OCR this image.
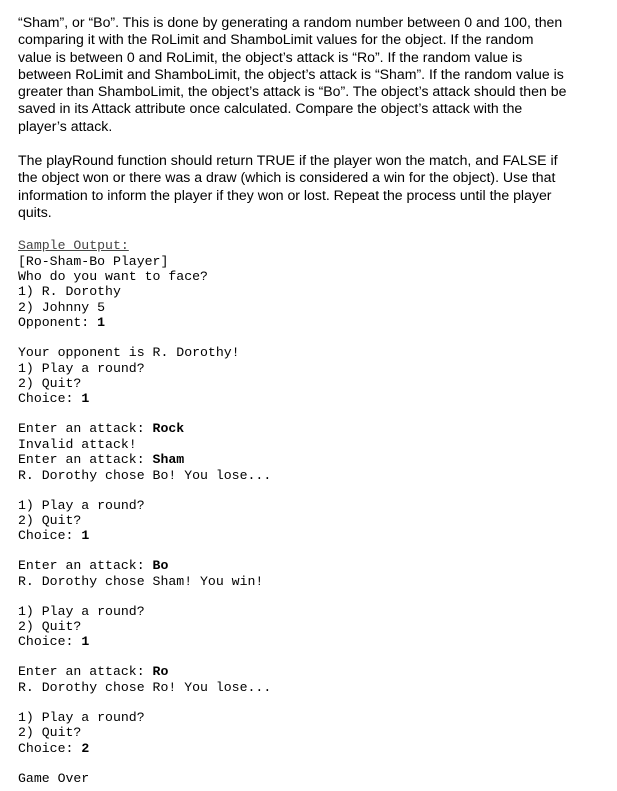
“Sham”, or “Bo”. This is done by generating a random number between 0 and 100, then
comparing it with the RoLimit and ShamboLimit values for the object. If the random
value is between 0 and RoLimit, the object’s attack is “Ro”. If the random value is
between RoLimit and ShamboLimit, the object’s attack is “Sham”. If the random value is
greater than ShamboLimit, the object’s attack is “Bo”. The object’s attack should then be
saved in its Attack attribute once calculated. Compare the object’s attack with the
player’s attack.

The playRound function should return TRUE if the player won the match, and FALSE if
the object won or there was a draw (which is considered a win for the object). Use that
information to inform the player if they won or lost. Repeat the process until the player
quits.

Sample Output:
[Ro-Sham-Bo Player]
Who do you want to face?
1) R. Dorothy
2) Johnny 5
Opponent: 1
Your opponent is R. Dorothy!
1) Play a round?
2) Quit?
Choice: 1
Enter an attack: Rock
Invalid attack!
Enter an attack: Sham
R. Dorothy chose Bo! You lose...
1) Play a round?
2) Quit?
Choice: 1
Enter an attack: Bo
R. Dorothy chose Sham! You win!
1) Play a round?
2) Quit?
Choice: 1
Enter an attack: Ro
R. Dorothy chose Ro! You lose...
1) Play a round?
2) Quit?
Choice: 2
Game Over
